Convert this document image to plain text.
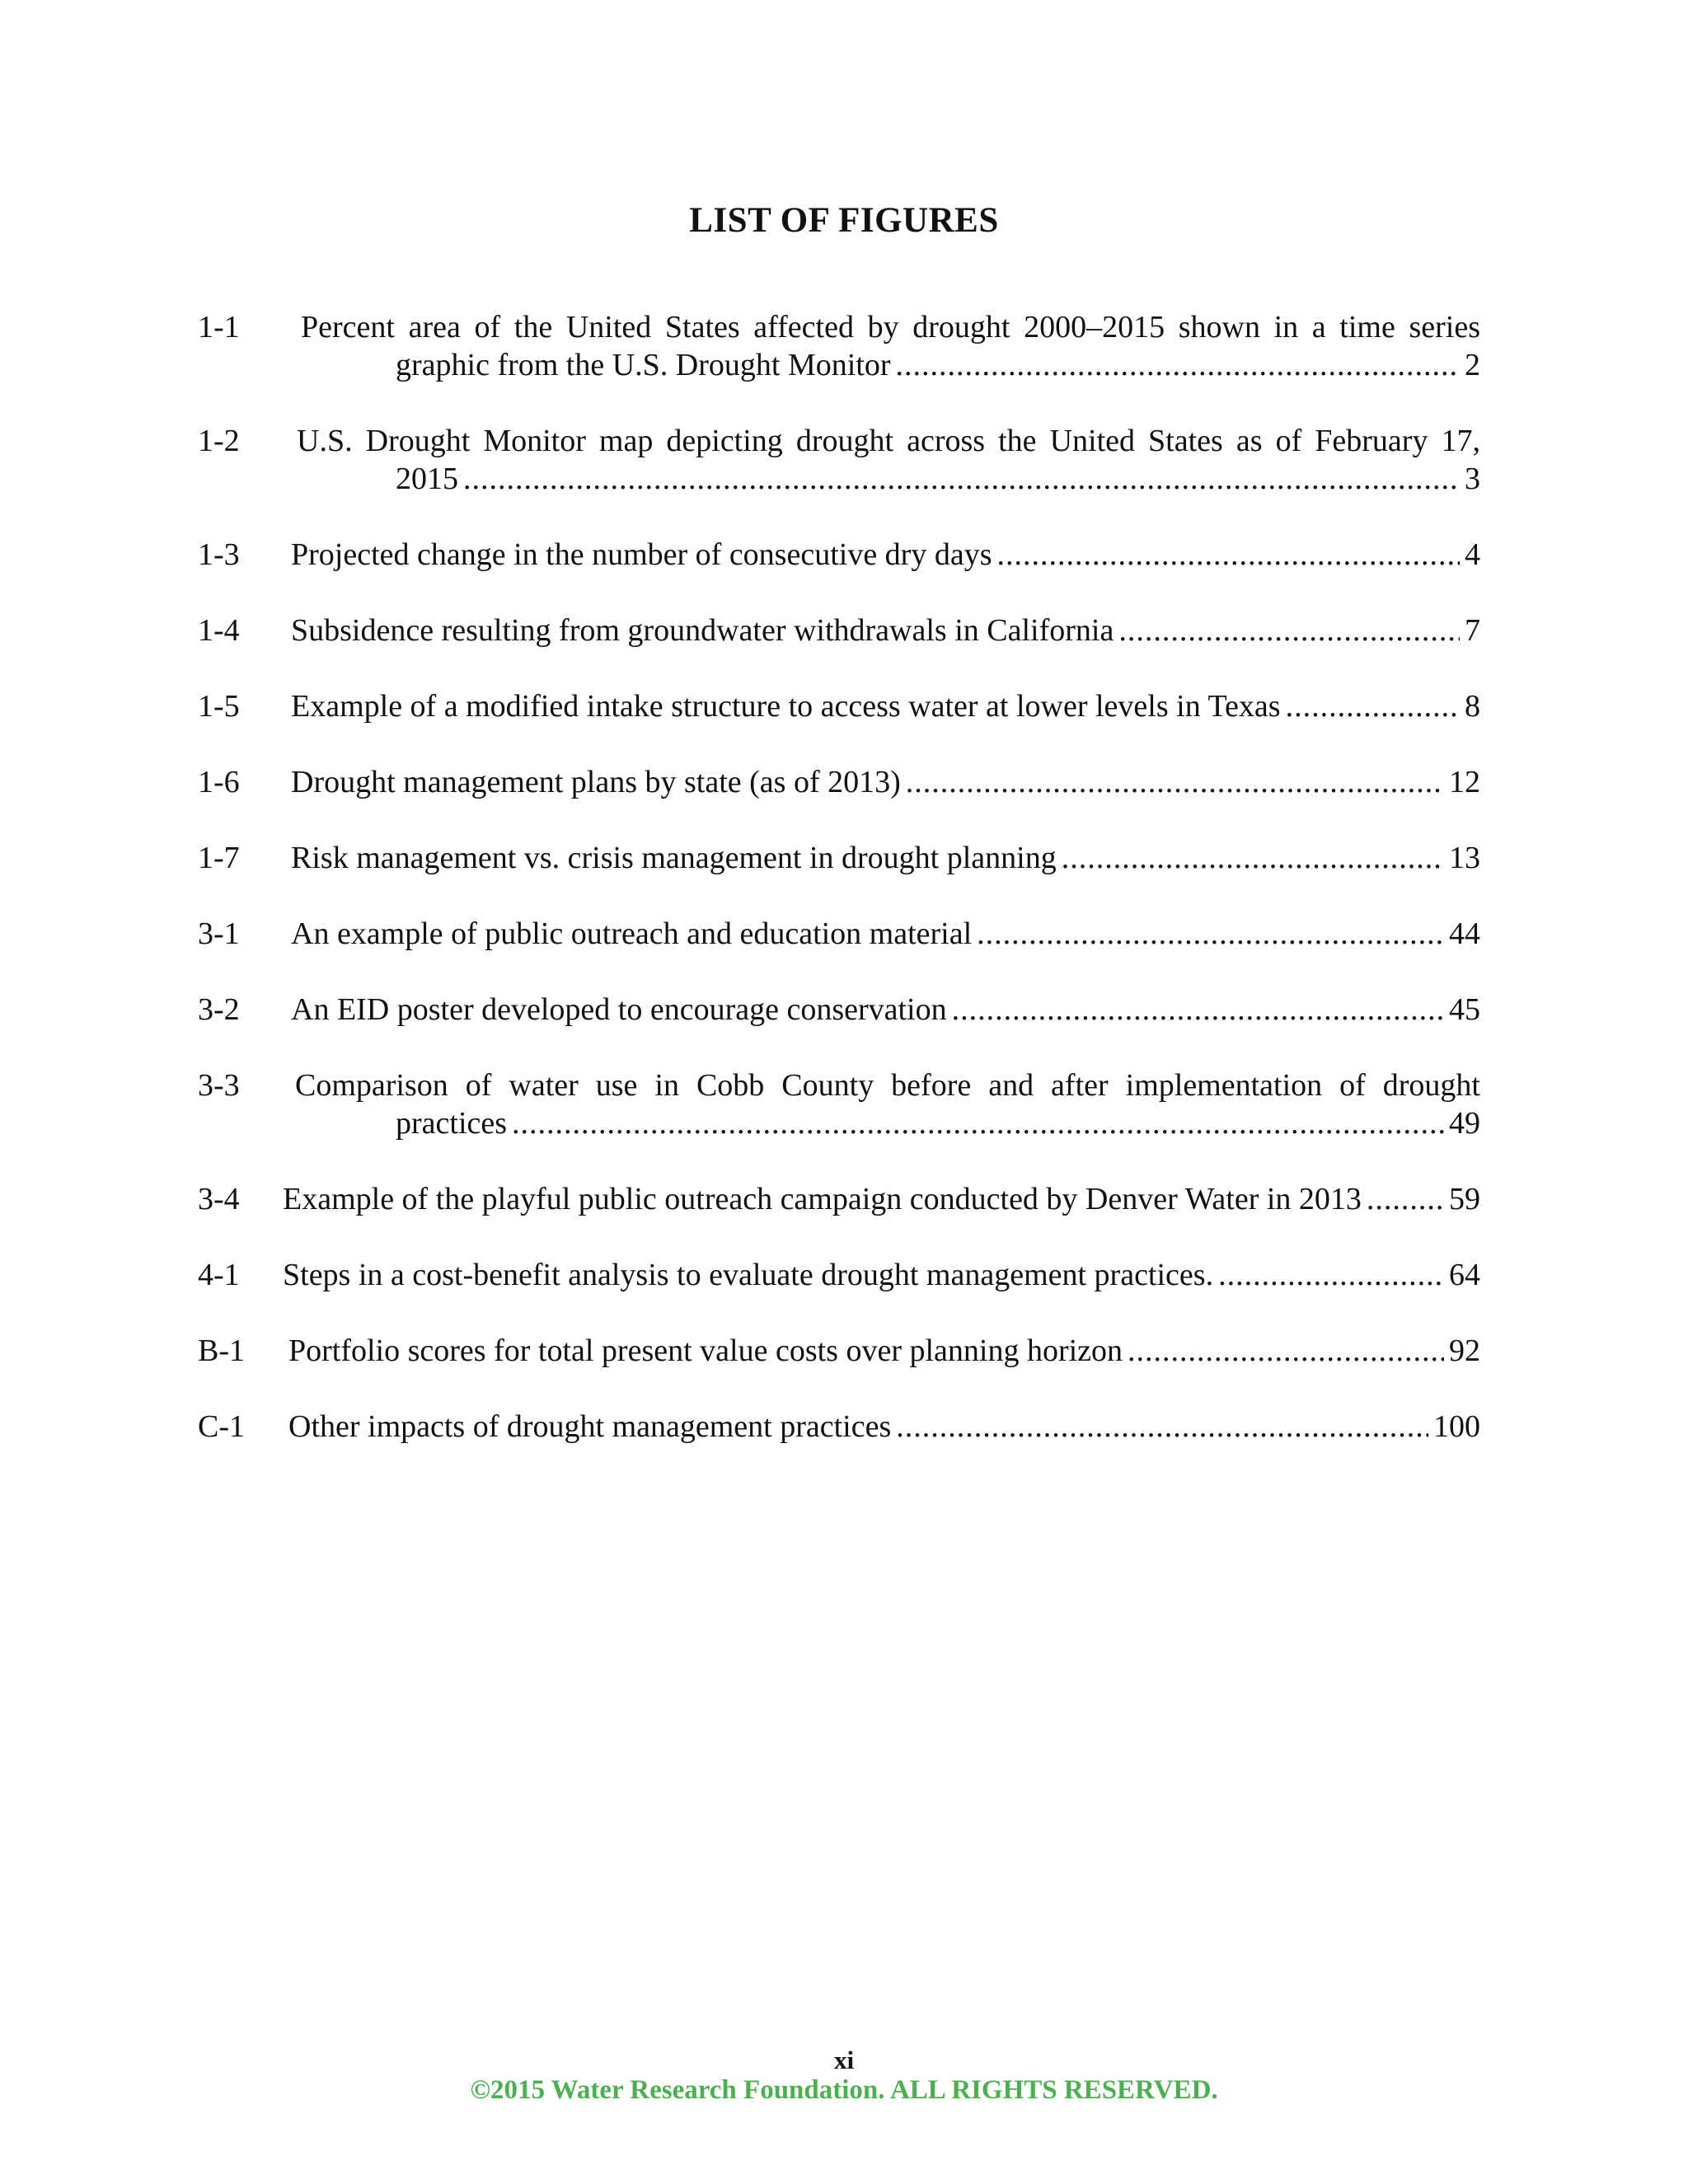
LIST OF FIGURES
1-1	Percent area of the United States affected by drought 2000–2015 shown in a time series
graphic from the U.S. Drought Monitor .....	2
1-2	U.S. Drought Monitor map depicting drought across the United States as of February 17,
2015 .....	3
1-3	Projected change in the number of consecutive dry days .....	4
1-4	Subsidence resulting from groundwater withdrawals in California .....	7
1-5	Example of a modified intake structure to access water at lower levels in Texas .....	8
1-6	Drought management plans by state (as of 2013) .....	12
1-7	Risk management vs. crisis management in drought planning .....	13
3-1	An example of public outreach and education material .....	44
3-2	An EID poster developed to encourage conservation .....	45
3-3	Comparison of water use in Cobb County before and after implementation of drought
practices .....	49
3-4	Example of the playful public outreach campaign conducted by Denver Water in 2013 .....	59
4-1	Steps in a cost-benefit analysis to evaluate drought management practices. .....	64
B-1	Portfolio scores for total present value costs over planning horizon .....	92
C-1	Other impacts of drought management practices .....	100
xi
©2015 Water Research Foundation. ALL RIGHTS RESERVED.
